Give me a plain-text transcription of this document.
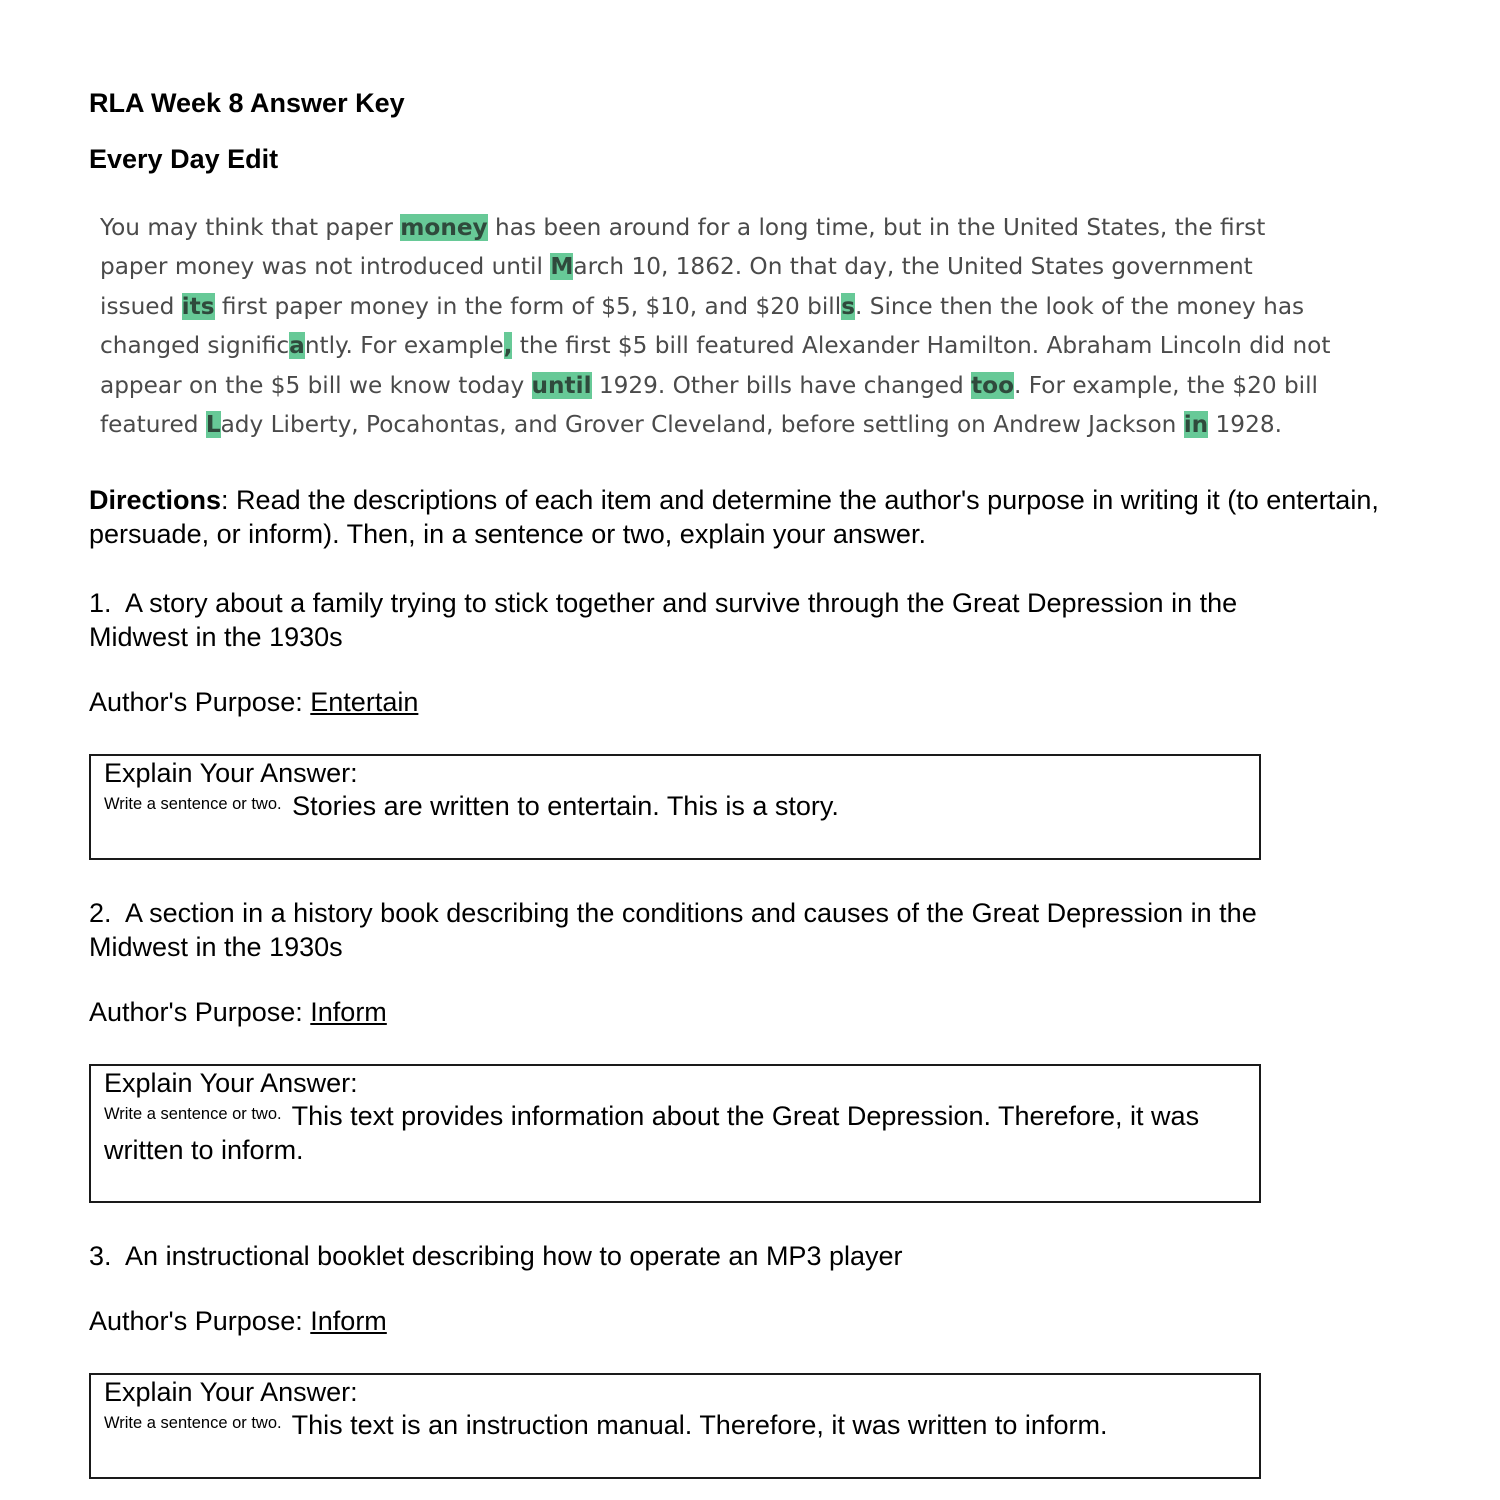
RLA Week 8 Answer Key
Every Day Edit
You may think that paper money has been around for a long time, but in the United States, the first
paper money was not introduced until March 10, 1862. On that day, the United States government
issued its first paper money in the form of $5, $10, and $20 bills. Since then the look of the money has
changed significantly. For example, the first $5 bill featured Alexander Hamilton. Abraham Lincoln did not
appear on the $5 bill we know today until 1929. Other bills have changed too. For example, the $20 bill
featured Lady Liberty, Pocahontas, and Grover Cleveland, before settling on Andrew Jackson in 1928.
Directions: Read the descriptions of each item and determine the author's purpose in writing it (to entertain, persuade, or inform). Then, in a sentence or two, explain your answer.
1. A story about a family trying to stick together and survive through the Great Depression in the Midwest in the 1930s
Author's Purpose: Entertain
Explain Your Answer:
$^{Write a sentence or two.}$ Stories are written to entertain. This is a story.
2. A section in a history book describing the conditions and causes of the Great Depression in the Midwest in the 1930s
Author's Purpose: Inform
Explain Your Answer:
$^{Write a sentence or two.}$ This text provides information about the Great Depression. Therefore, it was written to inform.
3. An instructional booklet describing how to operate an MP3 player
Author's Purpose: Inform
Explain Your Answer:
$^{Write a sentence or two.}$ This text is an instruction manual. Therefore, it was written to inform.
